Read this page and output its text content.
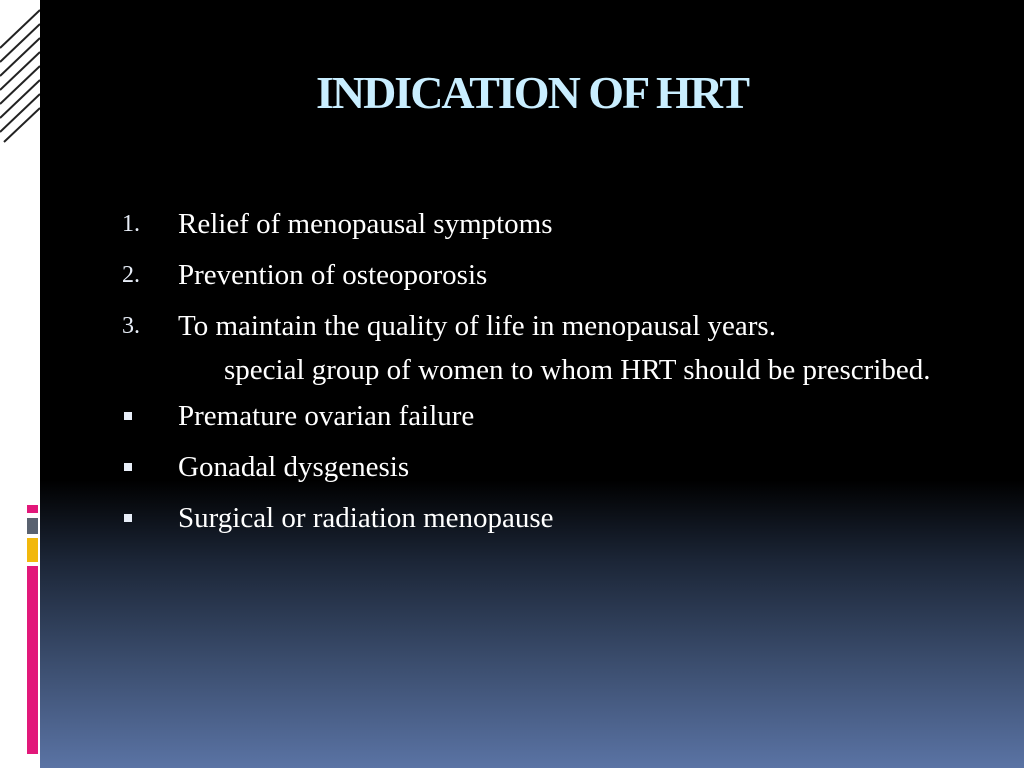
INDICATION OF HRT
1. Relief of menopausal symptoms
2. Prevention of osteoporosis
3. To maintain the quality of life in menopausal years.
special group of women to whom HRT should be prescribed.
Premature ovarian failure
Gonadal dysgenesis
Surgical or radiation menopause
